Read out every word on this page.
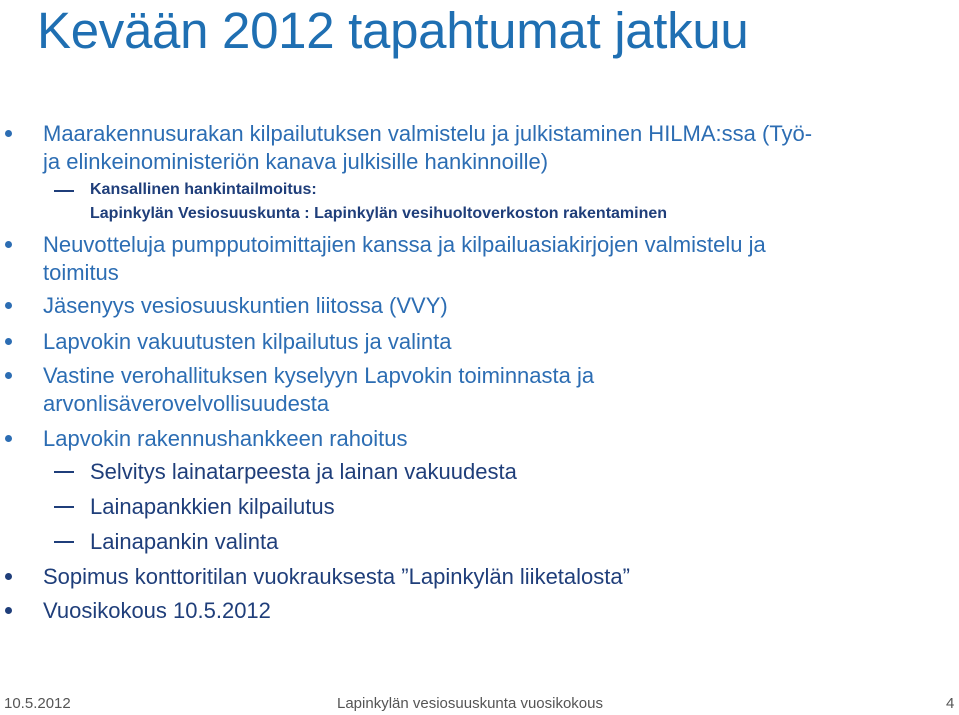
Kevään 2012 tapahtumat jatkuu
Maarakennusurakan kilpailutuksen valmistelu ja julkistaminen HILMA:ssa (Työ-
ja elinkeinoministeriön kanava julkisille hankinnoille)
Kansallinen hankintailmoitus:
Lapinkylän Vesiosuuskunta : Lapinkylän vesihuoltoverkoston rakentaminen
Neuvotteluja pumpputoimittajien kanssa ja kilpailuasiakirjojen valmistelu ja
toimitus
Jäsenyys vesiosuuskuntien liitossa (VVY)
Lapvokin vakuutusten kilpailutus ja valinta
Vastine verohallituksen kyselyyn Lapvokin toiminnasta ja
arvonlisäverovelvollisuudesta
Lapvokin rakennushankkeen rahoitus
Selvitys lainatarpeesta ja lainan vakuudesta
Lainapankkien kilpailutus
Lainapankin valinta
Sopimus konttoritilan vuokrauksesta ”Lapinkylän liiketalosta”
Vuosikokous 10.5.2012
10.5.2012	Lapinkylän vesiosuuskunta vuosikokous	4
